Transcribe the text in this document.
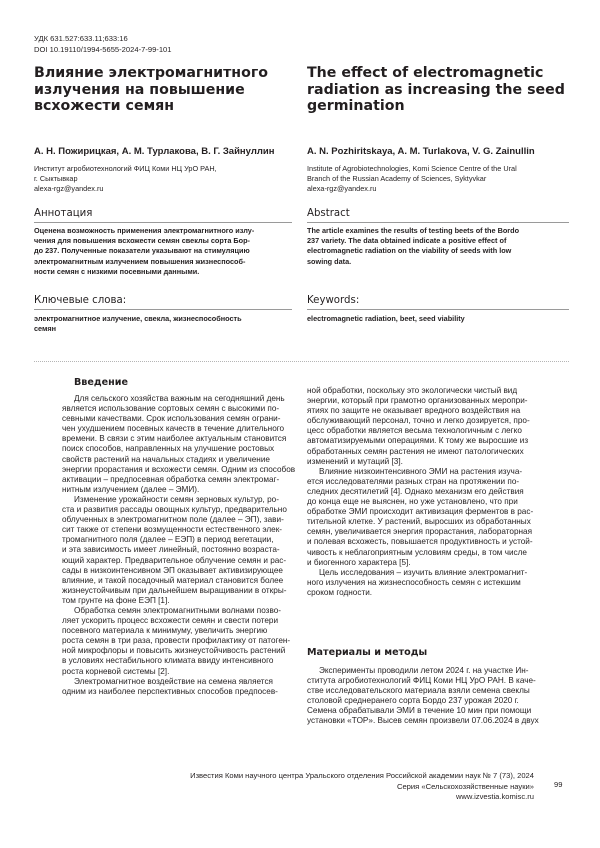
УДК 631.527:633.11;633:16
DOI 10.19110/1994-5655-2024-7-99-101
Влияние электромагнитного
излучения на повышение
всхожести семян
The effect of electromagnetic
radiation as increasing the seed
germination
А. Н. Пожирицкая, А. М. Турлакова, В. Г. Зайнуллин	A. N. Pozhiritskaya, A. M. Turlakova, V. G. Zainullin
Институт агробиотехнологий ФИЦ Коми НЦ УрО РАН,
г. Сыктывкар
alexa-rgz@yandex.ru
Institute of Agrobiotechnologies, Komi Science Centre of the Ural
Branch of the Russian Academy of Sciences, Syktyvkar
alexa-rgz@yandex.ru
Аннотация	Abstract
Оценена возможность применения электромагнитного излу-
чения для повышения всхожести семян свеклы сорта Бор-
до 237. Полученные показатели указывают на стимуляцию
электромагнитным излучением повышения жизнеспособ-
ности семян с низкими посевными данными.
The article examines the results of testing beets of the Bordo
237 variety. The data obtained indicate a positive effect of
electromagnetic radiation on the viability of seeds with low
sowing data.
Ключевые слова:	Keywords:
электромагнитное излучение, свекла, жизнеспособность
семян
electromagnetic radiation, beet, seed viability
Введение

Для сельского хозяйства важным на сегодняшний день
является использование сортовых семян с высокими по-
севными качествами. Срок использования семян ограни-
чен ухудшением посевных качеств в течение длительного
времени. В связи с этим наиболее актуальным становится
поиск способов, направленных на улучшение ростовых
свойств растений на начальных стадиях и увеличение
энергии прорастания и всхожести семян. Одним из способов
активации – предпосевная обработка семян электромаг-
нитным излучением (далее – ЭМИ).

Изменение урожайности семян зерновых культур, ро-
ста и развития рассады овощных культур, предварительно
облученных в электромагнитном поле (далее – ЭП), зави-
сит также от степени возмущенности естественного элек-
тромагнитного поля (далее – ЕЭП) в период вегетации,
и эта зависимость имеет линейный, постоянно возраста-
ющий характер. Предварительное облучение семян и рас-
сады в низкоинтенсивном ЭП оказывает активизирующее
влияние, и такой посадочный материал становится более
жизнеустойчивым при дальнейшем выращивании в откры-
том грунте на фоне ЕЭП [1].

Обработка семян электромагнитными волнами позво-
ляет ускорить процесс всхожести семян и свести потери
посевного материала к минимуму, увеличить энергию
роста семян в три раза, провести профилактику от патоген-
ной микрофлоры и повысить жизнеустойчивость растений
в условиях нестабильного климата ввиду интенсивного
роста корневой системы [2].

Электромагнитное воздействие на семена является
одним из наиболее перспективных способов предпосев-

ной обработки, поскольку это экологически чистый вид
энергии, который при грамотно организованных меропри-
ятиях по защите не оказывает вредного воздействия на
обслуживающий персонал, точно и легко дозируется, про-
цесс обработки является весьма технологичным с легко
автоматизируемыми операциями. К тому же выросшие из
обработанных семян растения не имеют патологических
изменений и мутаций [3].

Влияние низкоинтенсивного ЭМИ на растения изуча-
ется исследователями разных стран на протяжении по-
следних десятилетий [4]. Однако механизм его действия
до конца еще не выяснен, но уже установлено, что при
обработке ЭМИ происходит активизация ферментов в рас-
тительной клетке. У растений, выросших из обработанных
семян, увеличивается энергия прорастания, лабораторная
и полевая всхожесть, повышается продуктивность и устой-
чивость к неблагоприятным условиям среды, в том числе
и биогенного характера [5].

Цель исследования – изучить влияние электромагнит-
ного излучения на жизнеспособность семян с истекшим
сроком годности.

Материалы и методы

Эксперименты проводили летом 2024 г. на участке Ин-
ститута агробиотехнологий ФИЦ Коми НЦ УрО РАН. В каче-
стве исследовательского материала взяли семена свеклы
столовой среднеранего сорта Бордо 237 урожая 2020 г.
Семена обрабатывали ЭМИ в течение 10 мин при помощи
установки «TOP». Высев семян произвели 07.06.2024 в двух

Известия Коми научного центра Уральского отделения Российской академии наук № 7 (73), 2024
Серия «Сельскохозяйственные науки»
www.izvestia.komisc.ru
99
